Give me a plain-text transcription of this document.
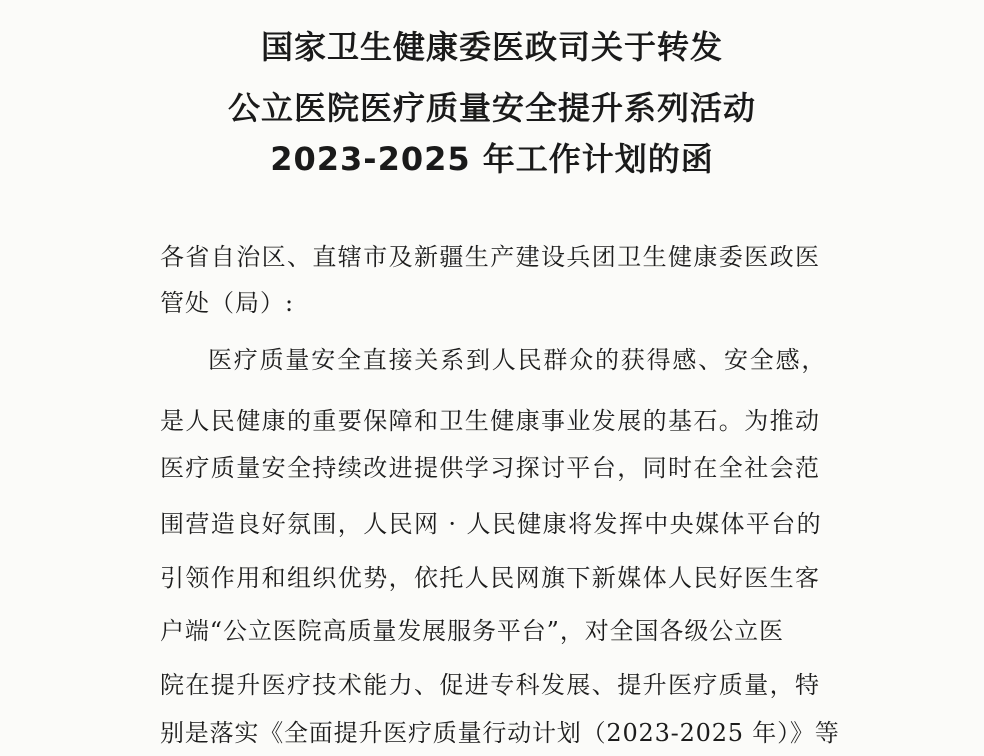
国家卫生健康委医政司关于转发
公立医院医疗质量安全提升系列活动
2023-2025 年工作计划的函
各省自治区、直辖市及新疆生产建设兵团卫生健康委医政医
管处（局）:
医疗质量安全直接关系到人民群众的获得感、安全感，
是人民健康的重要保障和卫生健康事业发展的基石。为推动
医疗质量安全持续改进提供学习探讨平台，同时在全社会范
围营造良好氛围，人民网 · 人民健康将发挥中央媒体平台的
引领作用和组织优势，依托人民网旗下新媒体人民好医生客
户端“公立医院高质量发展服务平台”，对全国各级公立医
院在提升医疗技术能力、促进专科发展、提升医疗质量，特
别是落实《全面提升医疗质量行动计划（2023-2025 年）》等
